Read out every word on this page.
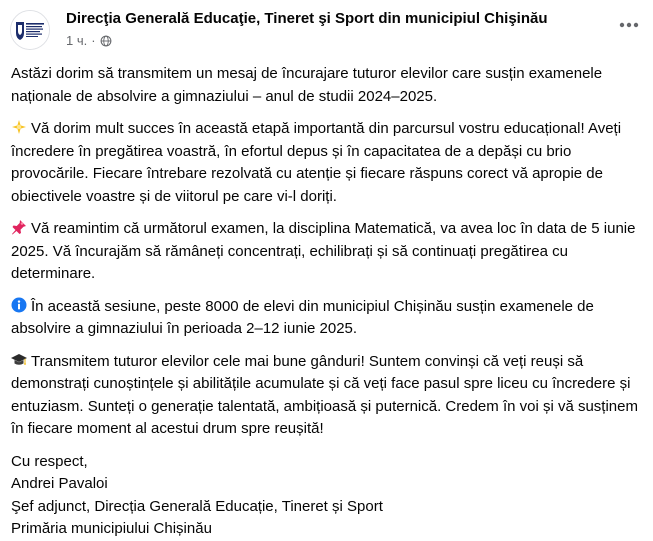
Direcţia Generală Educaţie, Tineret şi Sport din municipiul Chişinău
1 ч. ·

Astăzi dorim să transmitem un mesaj de încurajare tuturor elevilor care susțin examenele naționale de absolvire a gimnaziului – anul de studii 2024–2025.

Vă dorim mult succes în această etapă importantă din parcursul vostru educațional! Aveți încredere în pregătirea voastră, în efortul depus și în capacitatea de a depăși cu brio provocările. Fiecare întrebare rezolvată cu atenție și fiecare răspuns corect vă apropie de obiectivele voastre și de viitorul pe care vi-l doriți.

Vă reamintim că următorul examen, la disciplina Matematică, va avea loc în data de 5 iunie 2025. Vă încurajăm să rămâneți concentrați, echilibrați și să continuați pregătirea cu determinare.

În această sesiune, peste 8000 de elevi din municipiul Chișinău susțin examenele de absolvire a gimnaziului în perioada 2–12 iunie 2025.

Transmitem tuturor elevilor cele mai bune gânduri! Suntem convinși că veți reuși să demonstrați cunoștințele și abilitățile acumulate și că veți face pasul spre liceu cu încredere și entuziasm. Sunteți o generație talentată, ambițioasă și puternică. Credem în voi și vă susținem în fiecare moment al acestui drum spre reușită!

Cu respect,
Andrei Pavaloi
Şef adjunct, Direcția Generală Educație, Tineret și Sport
Primăria municipiului Chișinău
